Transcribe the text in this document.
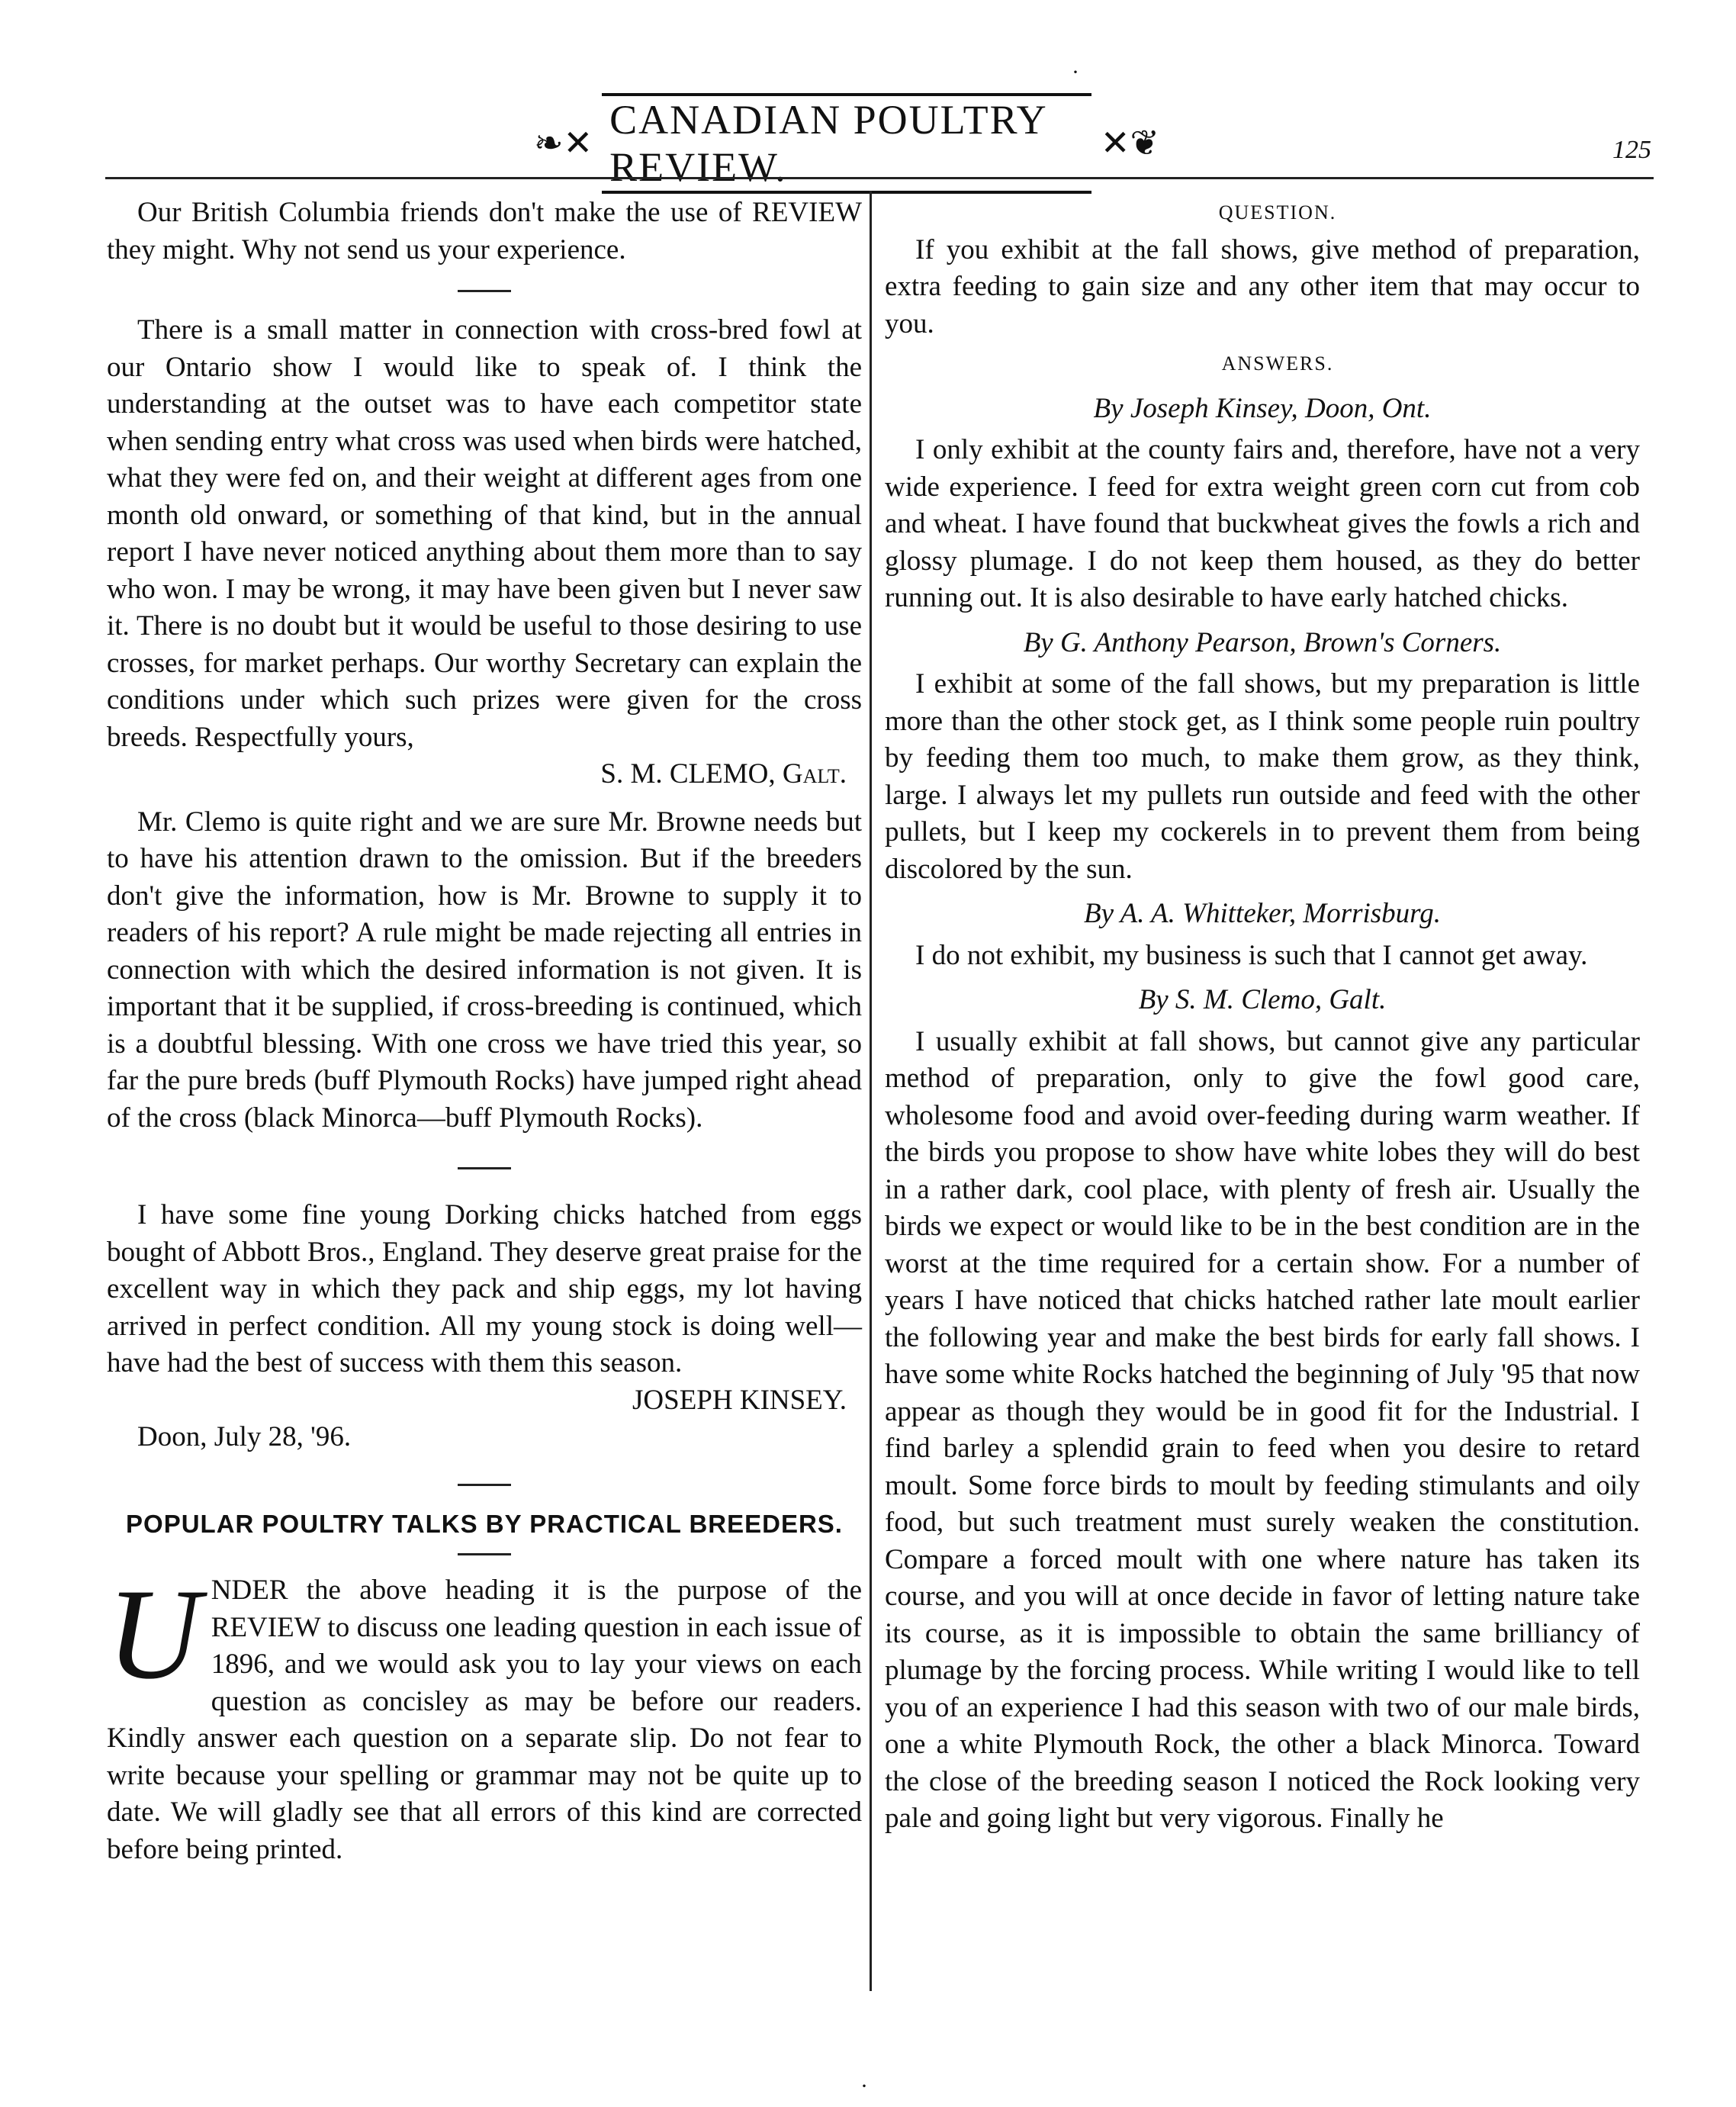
·
❧✕
CANADIAN POULTRY REVIEW.
✕❦	125

Our British Columbia friends don't make the use of REVIEW they might. Why not send us your experience.

There is a small matter in connection with cross-bred fowl at our Ontario show I would like to speak of. I think the understanding at the outset was to have each competitor state when sending entry what cross was used when birds were hatched, what they were fed on, and their weight at different ages from one month old onward, or something of that kind, but in the annual report I have never noticed anything about them more than to say who won. I may be wrong, it may have been given but I never saw it. There is no doubt but it would be useful to those desiring to use crosses, for market perhaps. Our worthy Secretary can explain the conditions under which such prizes were given for the cross breeds. Respectfully yours,

S. M. CLEMO, Galt.

Mr. Clemo is quite right and we are sure Mr. Browne needs but to have his attention drawn to the omission. But if the breeders don't give the information, how is Mr. Browne to supply it to readers of his report? A rule might be made rejecting all entries in connection with which the desired information is not given. It is important that it be supplied, if cross-breeding is continued, which is a doubtful blessing. With one cross we have tried this year, so far the pure breds (buff Plymouth Rocks) have jumped right ahead of the cross (black Minorca—buff Plymouth Rocks).

I have some fine young Dorking chicks hatched from eggs bought of Abbott Bros., England. They deserve great praise for the excellent way in which they pack and ship eggs, my lot having arrived in perfect condition. All my young stock is doing well—have had the best of success with them this season.

JOSEPH KINSEY.

Doon, July 28, '96.

POPULAR POULTRY TALKS BY PRACTICAL BREEDERS.

U NDER the above heading it is the purpose of the REVIEW to discuss one leading question in each issue of 1896, and we would ask you to lay your views on each question as concisley as may be before our readers. Kindly answer each question on a separate slip. Do not fear to write because your spelling or grammar may not be quite up to date. We will gladly see that all errors of this kind are corrected before being printed.

QUESTION.

If you exhibit at the fall shows, give method of preparation, extra feeding to gain size and any other item that may occur to you.

ANSWERS.

By Joseph Kinsey, Doon, Ont.

I only exhibit at the county fairs and, therefore, have not a very wide experience. I feed for extra weight green corn cut from cob and wheat. I have found that buckwheat gives the fowls a rich and glossy plumage. I do not keep them housed, as they do better running out. It is also desirable to have early hatched chicks.

By G. Anthony Pearson, Brown's Corners.

I exhibit at some of the fall shows, but my preparation is little more than the other stock get, as I think some people ruin poultry by feeding them too much, to make them grow, as they think, large. I always let my pullets run outside and feed with the other pullets, but I keep my cockerels in to prevent them from being discolored by the sun.

By A. A. Whitteker, Morrisburg.

I do not exhibit, my business is such that I cannot get away.

By S. M. Clemo, Galt.

I usually exhibit at fall shows, but cannot give any particular method of preparation, only to give the fowl good care, wholesome food and avoid over-feeding during warm weather. If the birds you propose to show have white lobes they will do best in a rather dark, cool place, with plenty of fresh air. Usually the birds we expect or would like to be in the best condition are in the worst at the time required for a certain show. For a number of years I have noticed that chicks hatched rather late moult earlier the following year and make the best birds for early fall shows. I have some white Rocks hatched the beginning of July '95 that now appear as though they would be in good fit for the Industrial. I find barley a splendid grain to feed when you desire to retard moult. Some force birds to moult by feeding stimulants and oily food, but such treatment must surely weaken the constitution. Compare a forced moult with one where nature has taken its course, and you will at once decide in favor of letting nature take its course, as it is impossible to obtain the same brilliancy of plumage by the forcing process. While writing I would like to tell you of an experience I had this season with two of our male birds, one a white Plymouth Rock, the other a black Minorca. Toward the close of the breeding season I noticed the Rock looking very pale and going light but very vigorous. Finally he

·
